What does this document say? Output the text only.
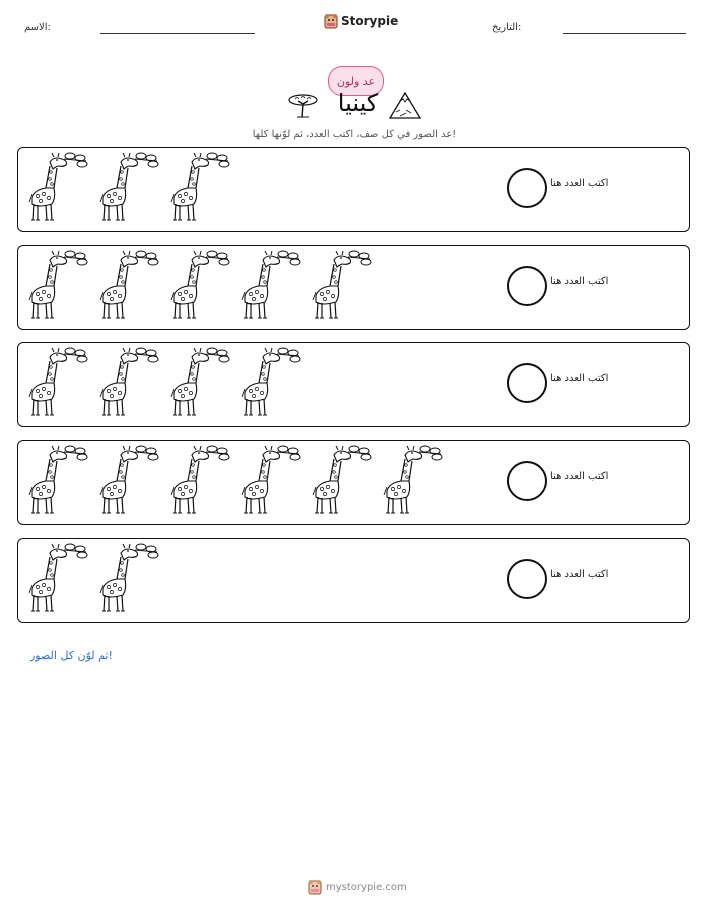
الاسم:	Storypie	التاريخ:
عد ولون
كينيا
عد الصور في كل صف، اكتب العدد، ثم لوّنها كلها!
اكتب العدد هنا
اكتب العدد هنا
اكتب العدد هنا
اكتب العدد هنا
اكتب العدد هنا
ثم لوّن كل الصور!
mystorypie.com
